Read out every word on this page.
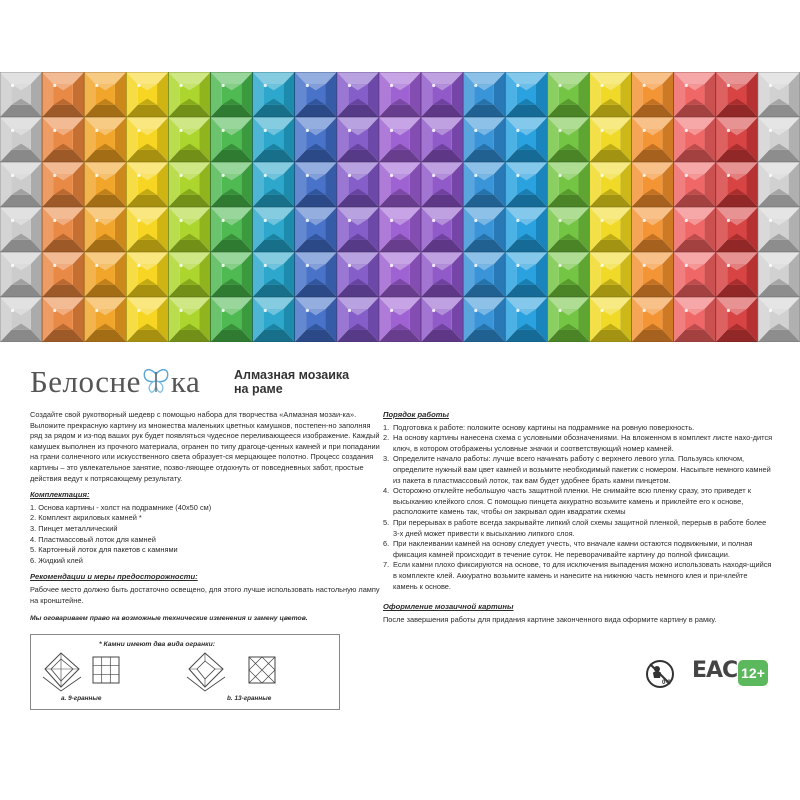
Белосне ка	Алмазная мозаика
на раме

Создайте свой рукотворный шедевр с помощью набора для творчества «Алмазная мозаи-ка». Выложите прекрасную картину из множества маленьких цветных камушков, постепен-но заполняя ряд за рядом и из-под ваших рук будет появляться чудесное переливающееся изображение. Каждый камушек выполнен из прочного материала, огранен по типу драгоце-ценных камней и при попадании на грани солнечного или искусственного света образует-ся мерцающее полотно. Процесс создания картины – это увлекательное занятие, позво-ляющее отдохнуть от повседневных забот, простые действия ведут к потрясающему результату.

Комплектация:

1. Основа картины - холст на подрамнике (40х50 см)

2. Комплект акриловых камней *

3. Пинцет металлический

4. Пластмассовый лоток для камней

5. Картонный лоток для пакетов с камнями

6. Жидкий клей

Рекомендации и меры предосторожности:

Рабочее место должно быть достаточно освещено, для этого лучше использовать настольную лампу на кронштейне.

Мы оговариваем право на возможные технические изменения и замену цветов.

* Камни имеют два вида огранки:
a. 9-гранные	b. 13-гранные
Порядок работы
1. Подготовка к работе: положите основу картины на подрамнике на ровную поверхность.
2. На основу картины нанесена схема с условными обозначениями. На вложенном в комплект листе нахо-дится ключ, в котором отображены условные значки и соответствующий номер камней.
3. Определите начало работы: лучше всего начинать работу с верхнего левого угла. Пользуясь ключом, определите нужный вам цвет камней и возьмите необходимый пакетик с номером. Насыпьте немного камней из пакета в пластмассовый лоток, так вам будет удобнее брать камни пинцетом.
4. Осторожно отклейте небольшую часть защитной пленки. Не снимайте всю пленку сразу, это приведет к высыханию клейкого слоя. С помощью пинцета аккуратно возьмите камень и приклейте его к основе, расположите камень так, чтобы он закрывал один квадратик схемы
5. При перерывах в работе всегда закрывайте липкий слой схемы защитной пленкой, перерыв в работе более 3-х дней может привести к высыханию липкого слоя.
6. При наклеивании камней на основу следует учесть, что вначале камни остаются подвижными, и полная фиксация камней происходит в течение суток. Не переворачивайте картину до полной фиксации.
7. Если камни плохо фиксируются на основе, то для исключения выпадения можно использовать находя-щийся в комплекте клей. Аккуратно возьмите камень и нанесите на нижнюю часть немного клея и при-клейте камень к основе.
Оформление мозаичной картины

После завершения работы для придания картине законченного вида оформите картину в рамку.

0-3 EAC 12+
